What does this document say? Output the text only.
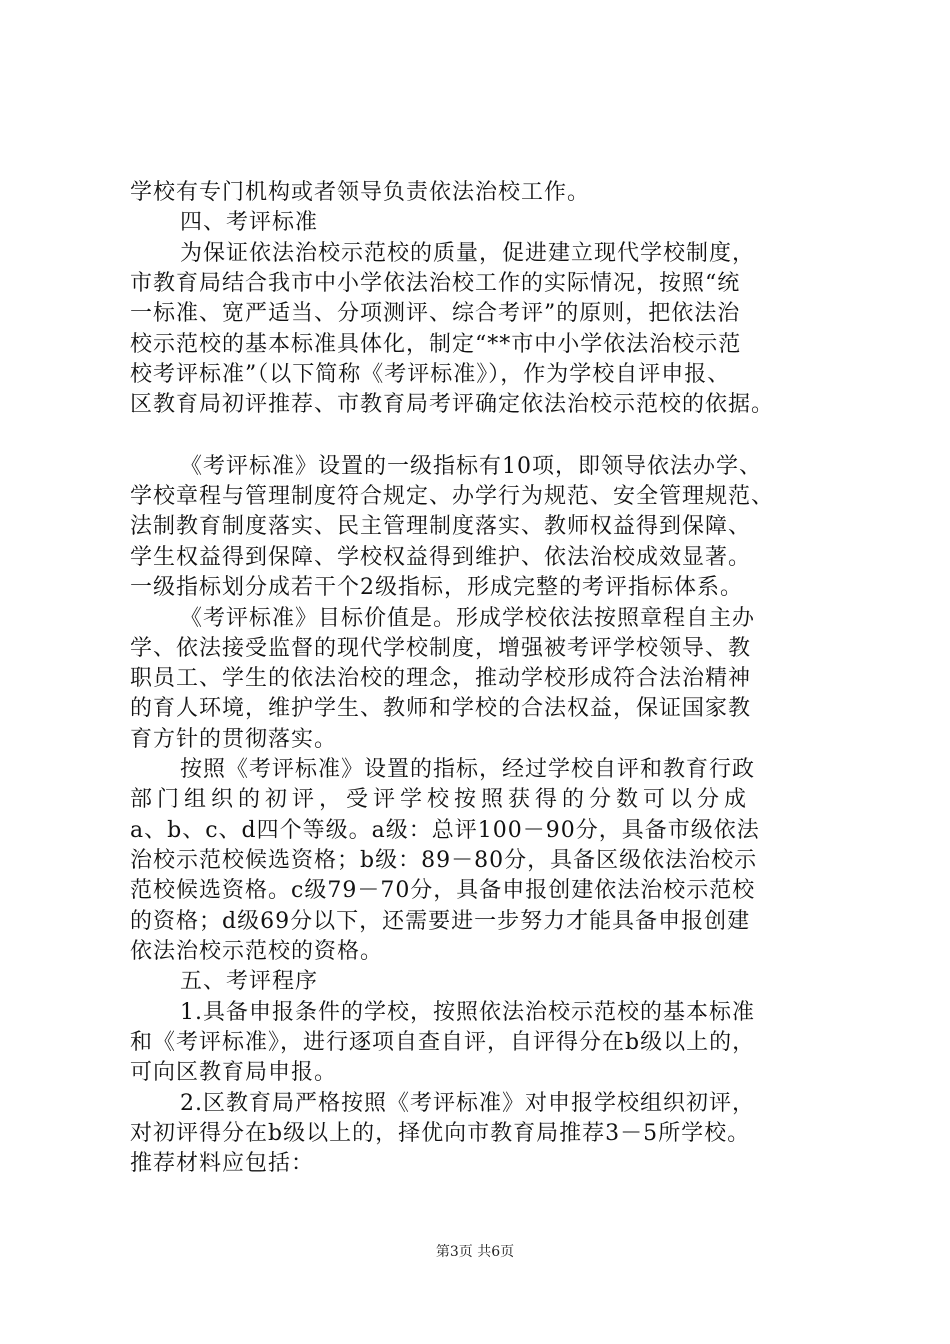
学校有专门机构或者领导负责依法治校工作。
四、考评标准
为保证依法治校示范校的质量，促进建立现代学校制度，
市教育局结合我市中小学依法治校工作的实际情况，按照“统
一标准、宽严适当、分项测评、综合考评”的原则，把依法治
校示范校的基本标准具体化，制定“**市中小学依法治校示范
校考评标准”（以下简称《考评标准》），作为学校自评申报、
区教育局初评推荐、市教育局考评确定依法治校示范校的依据。
《考评标准》设置的一级指标有10项，即领导依法办学、
学校章程与管理制度符合规定、办学行为规范、安全管理规范、
法制教育制度落实、民主管理制度落实、教师权益得到保障、
学生权益得到保障、学校权益得到维护、依法治校成效显著。
一级指标划分成若干个2级指标，形成完整的考评指标体系。
《考评标准》目标价值是。形成学校依法按照章程自主办
学、依法接受监督的现代学校制度，增强被考评学校领导、教
职员工、学生的依法治校的理念，推动学校形成符合法治精神
的育人环境，维护学生、教师和学校的合法权益，保证国家教
育方针的贯彻落实。
按照《考评标准》设置的指标，经过学校自评和教育行政
部门组织的初评，受评学校按照获得的分数可以分成
a、b、c、d四个等级。a级：总评100－90分，具备市级依法
治校示范校候选资格；b级：89－80分，具备区级依法治校示
范校候选资格。c级79－70分，具备申报创建依法治校示范校
的资格；d级69分以下，还需要进一步努力才能具备申报创建
依法治校示范校的资格。
五、考评程序
1.具备申报条件的学校，按照依法治校示范校的基本标准
和《考评标准》，进行逐项自查自评，自评得分在b级以上的，
可向区教育局申报。
2.区教育局严格按照《考评标准》对申报学校组织初评，
对初评得分在b级以上的，择优向市教育局推荐3－5所学校。
推荐材料应包括：
第3页 共6页
